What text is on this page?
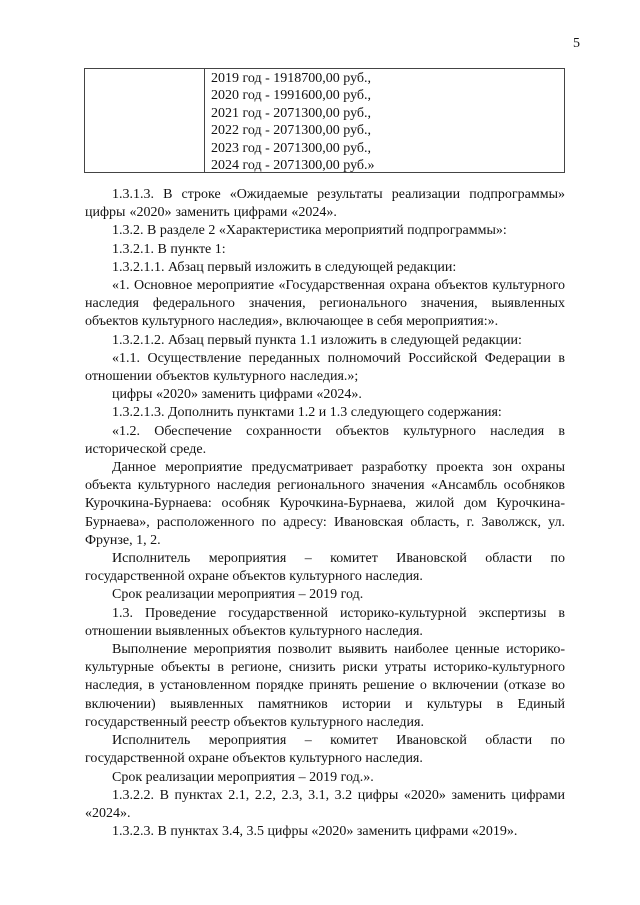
5
2019 год - 1918700,00 руб.,
2020 год - 1991600,00 руб.,
2021 год - 2071300,00 руб.,
2022 год - 2071300,00 руб.,
2023 год - 2071300,00 руб.,
2024 год - 2071300,00 руб.»

1.3.1.3. В строке «Ожидаемые результаты реализации подпрограммы» цифры «2020» заменить цифрами «2024».

1.3.2. В разделе 2 «Характеристика мероприятий подпрограммы»:

1.3.2.1. В пункте 1:

1.3.2.1.1. Абзац первый изложить в следующей редакции:

«1. Основное мероприятие «Государственная охрана объектов культурного наследия федерального значения, регионального значения, выявленных объектов культурного наследия», включающее в себя мероприятия:».

1.3.2.1.2. Абзац первый пункта 1.1 изложить в следующей редакции:

«1.1. Осуществление переданных полномочий Российской Федерации в отношении объектов культурного наследия.»;

цифры «2020» заменить цифрами «2024».

1.3.2.1.3. Дополнить пунктами 1.2 и 1.3 следующего содержания:

«1.2. Обеспечение сохранности объектов культурного наследия в исторической среде.

Данное мероприятие предусматривает разработку проекта зон охраны объекта культурного наследия регионального значения «Ансамбль особняков Курочкина-Бурнаева: особняк Курочкина-Бурнаева, жилой дом Курочкина-Бурнаева», расположенного по адресу: Ивановская область, г. Заволжск, ул. Фрунзе, 1, 2.

Исполнитель мероприятия – комитет Ивановской области по государственной охране объектов культурного наследия.

Срок реализации мероприятия – 2019 год.

1.3. Проведение государственной историко-культурной экспертизы в отношении выявленных объектов культурного наследия.

Выполнение мероприятия позволит выявить наиболее ценные историко-культурные объекты в регионе, снизить риски утраты историко-культурного наследия, в установленном порядке принять решение о включении (отказе во включении) выявленных памятников истории и культуры в Единый государственный реестр объектов культурного наследия.

Исполнитель мероприятия – комитет Ивановской области по государственной охране объектов культурного наследия.

Срок реализации мероприятия – 2019 год.».

1.3.2.2. В пунктах 2.1, 2.2, 2.3, 3.1, 3.2 цифры «2020» заменить цифрами «2024».

1.3.2.3. В пунктах 3.4, 3.5 цифры «2020» заменить цифрами «2019».
